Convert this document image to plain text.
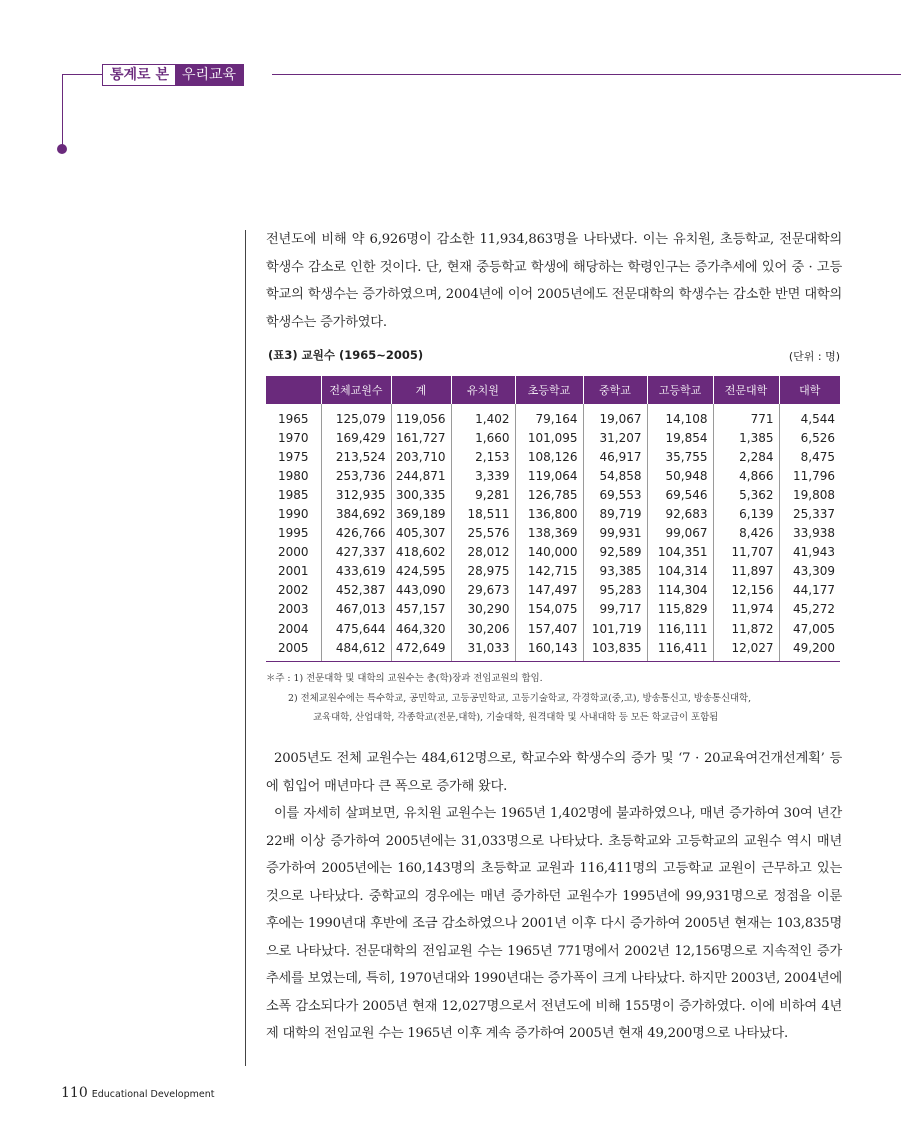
통계로 본 우리교육

전년도에 비해 약 6,926명이 감소한 11,934,863명을 나타냈다. 이는 유치원, 초등학교, 전문대학의 학생수 감소로 인한 것이다. 단, 현재 중등학교 학생에 해당하는 학령인구는 증가추세에 있어 중 · 고등학교의 학생수는 증가하였으며, 2004년에 이어 2005년에도 전문대학의 학생수는 감소한 반면 대학의 학생수는 증가하였다.

(표3) 교원수 (1965~2005)	(단위 : 명)
	전체교원수	계	유치원	초등학교	중학교	고등학교	전문대학	대학
1965	125,079	119,056	1,402	79,164	19,067	14,108	771	4,544
1970	169,429	161,727	1,660	101,095	31,207	19,854	1,385	6,526
1975	213,524	203,710	2,153	108,126	46,917	35,755	2,284	8,475
1980	253,736	244,871	3,339	119,064	54,858	50,948	4,866	11,796
1985	312,935	300,335	9,281	126,785	69,553	69,546	5,362	19,808
1990	384,692	369,189	18,511	136,800	89,719	92,683	6,139	25,337
1995	426,766	405,307	25,576	138,369	99,931	99,067	8,426	33,938
2000	427,337	418,602	28,012	140,000	92,589	104,351	11,707	41,943
2001	433,619	424,595	28,975	142,715	93,385	104,314	11,897	43,309
2002	452,387	443,090	29,673	147,497	95,283	114,304	12,156	44,177
2003	467,013	457,157	30,290	154,075	99,717	115,829	11,974	45,272
2004	475,644	464,320	30,206	157,407	101,719	116,111	11,872	47,005
2005	484,612	472,649	31,033	160,143	103,835	116,411	12,027	49,200
＊주 : 1) 전문대학 및 대학의 교원수는 총(학)장과 전임교원의 합임.
2) 전체교원수에는 특수학교, 공민학교, 고등공민학교, 고등기술학교, 각경학교(중,고), 방송통신고, 방송통신대학,
교육대학, 산업대학, 각종학교(전문,대학), 기술대학, 원격대학 및 사내대학 등 모든 학교급이 포함됨

2005년도 전체 교원수는 484,612명으로, 학교수와 학생수의 증가 및 ‘7 · 20교육여건개선계획’ 등에 힘입어 매년마다 큰 폭으로 증가해 왔다.

이를 자세히 살펴보면, 유치원 교원수는 1965년 1,402명에 불과하였으나, 매년 증가하여 30여 년간 22배 이상 증가하여 2005년에는 31,033명으로 나타났다. 초등학교와 고등학교의 교원수 역시 매년 증가하여 2005년에는 160,143명의 초등학교 교원과 116,411명의 고등학교 교원이 근무하고 있는 것으로 나타났다. 중학교의 경우에는 매년 증가하던 교원수가 1995년에 99,931명으로 정점을 이룬 후에는 1990년대 후반에 조금 감소하였으나 2001년 이후 다시 증가하여 2005년 현재는 103,835명으로 나타났다. 전문대학의 전임교원 수는 1965년 771명에서 2002년 12,156명으로 지속적인 증가 추세를 보였는데, 특히, 1970년대와 1990년대는 증가폭이 크게 나타났다. 하지만 2003년, 2004년에 소폭 감소되다가 2005년 현재 12,027명으로서 전년도에 비해 155명이 증가하였다. 이에 비하여 4년제 대학의 전임교원 수는 1965년 이후 계속 증가하여 2005년 현재 49,200명으로 나타났다.

110 Educational Development
